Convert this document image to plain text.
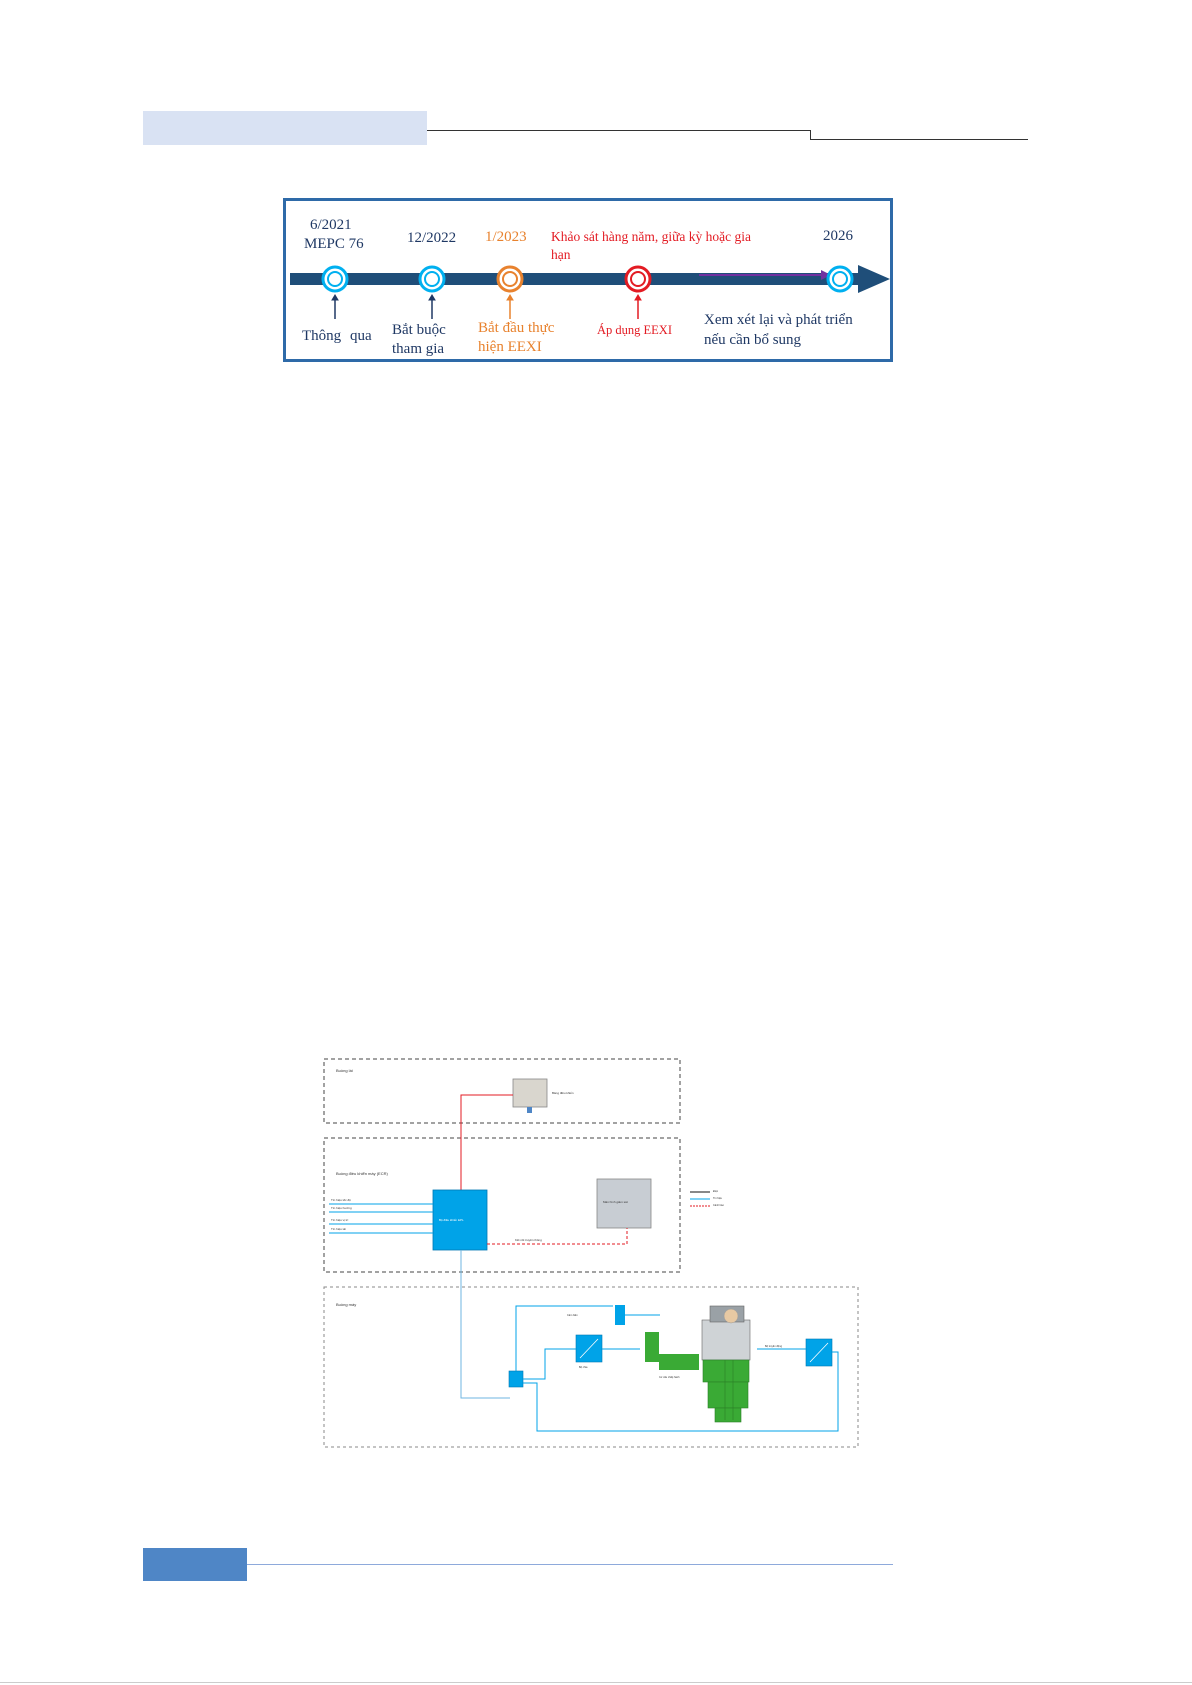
6/2021
MEPC 76
Thông qua
12/2022
Bắt buộc
tham gia
1/2023
Bắt đầu thực
hiện EEXI
Khảo sát hàng năm, giữa kỳ hoặc gia
hạn
Áp dụng EEXI
2026
Xem xét lại và phát triển
nếu cần bổ sung
Buồng lái
Buồng điều khiển máy (ECR)
Buồng máy
Bảng điều khiển
Tín hiệu tốc độ
Tín hiệu hướng
Tín hiệu vị trí
Tín hiệu tải
Bộ điều khiển EPL
Màn hình giám sát
Kết nối truyền thông
Điện
Tín hiệu
Cảnh báo
Bộ chia
Cảm biến
Cơ cấu chấp hành
Bộ truyền động
